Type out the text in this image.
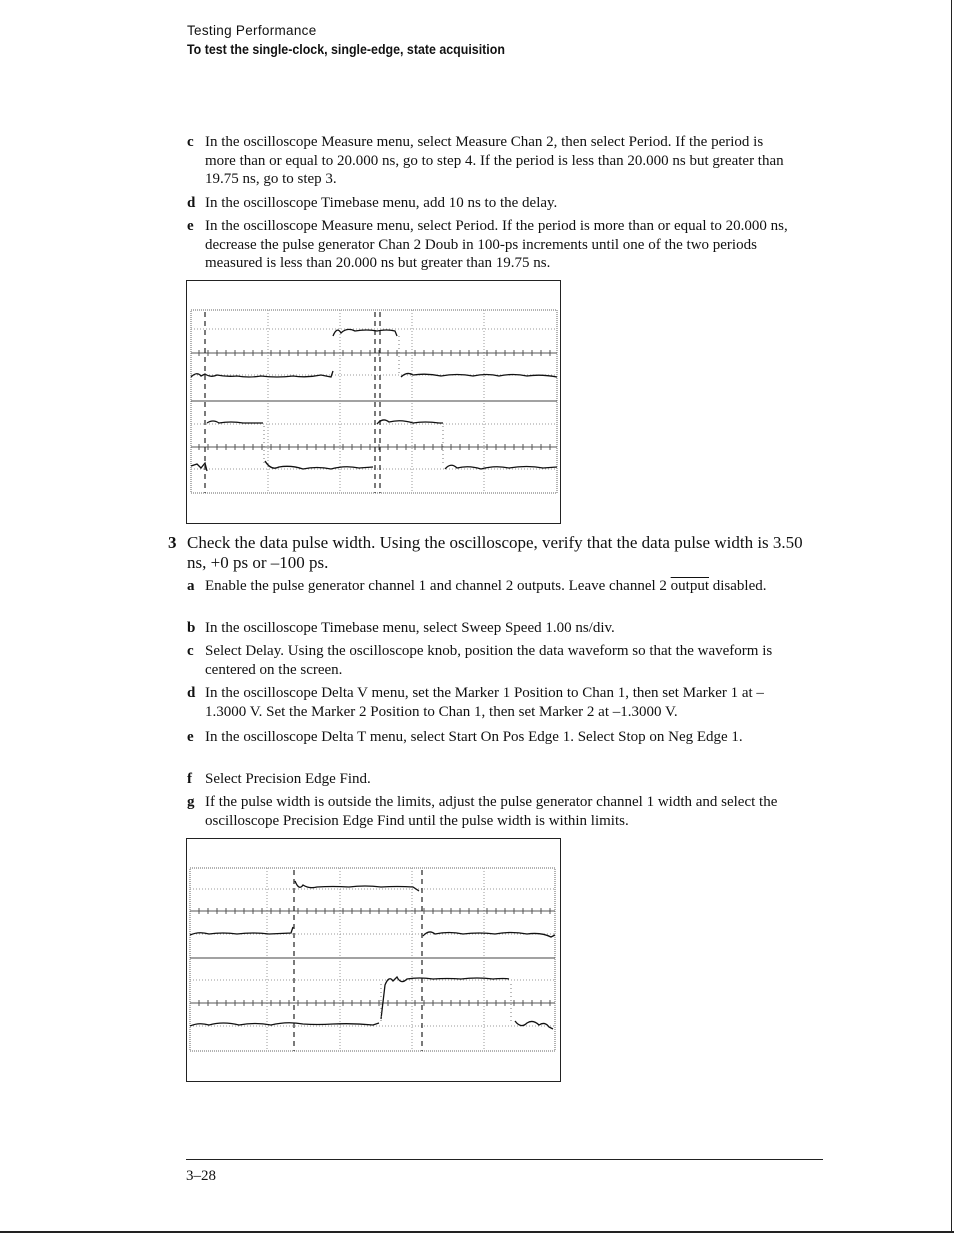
Testing Performance
To test the single-clock, single-edge, state acquisition
c In the oscilloscope Measure menu, select Measure Chan 2, then select Period. If the period is more than or equal to 20.000 ns, go to step 4. If the period is less than 20.000 ns but greater than 19.75 ns, go to step 3.
d In the oscilloscope Timebase menu, add 10 ns to the delay.
e In the oscilloscope Measure menu, select Period. If the period is more than or equal to 20.000 ns, decrease the pulse generator Chan 2 Doub in 100-ps increments until one of the two periods measured is less than 20.000 ns but greater than 19.75 ns.
3 Check the data pulse width. Using the oscilloscope, verify that the data pulse width is 3.50 ns, +0 ps or –100 ps.
a Enable the pulse generator channel 1 and channel 2 outputs. Leave channel 2 output disabled.
b In the oscilloscope Timebase menu, select Sweep Speed 1.00 ns/div.
c Select Delay. Using the oscilloscope knob, position the data waveform so that the waveform is centered on the screen.
d In the oscilloscope Delta V menu, set the Marker 1 Position to Chan 1, then set Marker 1 at –1.3000 V. Set the Marker 2 Position to Chan 1, then set Marker 2 at –1.3000 V.
e In the oscilloscope Delta T menu, select Start On Pos Edge 1. Select Stop on Neg Edge 1.
f Select Precision Edge Find.
g If the pulse width is outside the limits, adjust the pulse generator channel 1 width and select the oscilloscope Precision Edge Find until the pulse width is within limits.
3–28
